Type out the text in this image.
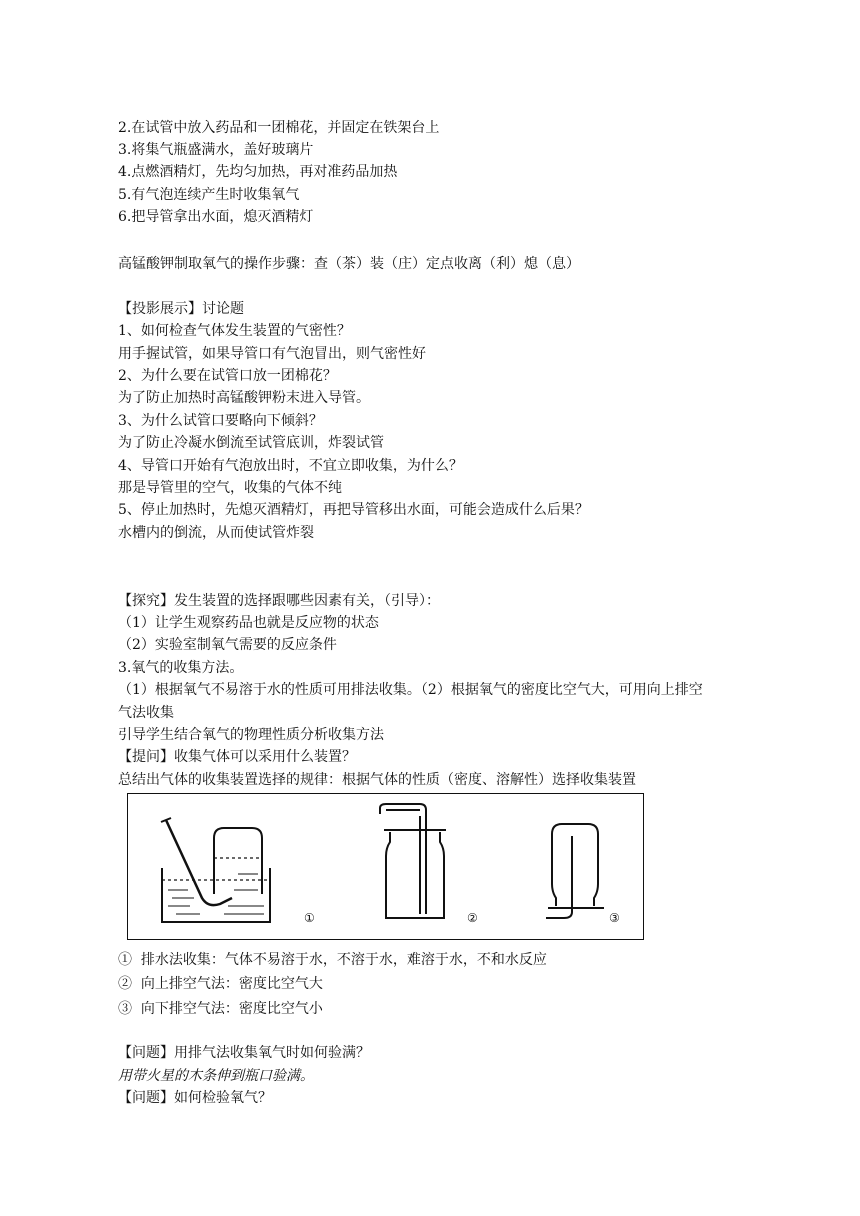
2.在试管中放入药品和一团棉花，并固定在铁架台上
3.将集气瓶盛满水，盖好玻璃片
4.点燃酒精灯，先均匀加热，再对准药品加热
5.有气泡连续产生时收集氧气
6.把导管拿出水面，熄灭酒精灯
高锰酸钾制取氧气的操作步骤：查（茶）装（庄）定点收离（利）熄（息）
【投影展示】讨论题
1、如何检查气体发生装置的气密性？
用手握试管，如果导管口有气泡冒出，则气密性好
2、为什么要在试管口放一团棉花？
为了防止加热时高锰酸钾粉末进入导管。
3、为什么试管口要略向下倾斜？
为了防止冷凝水倒流至试管底训，炸裂试管
4、导管口开始有气泡放出时，不宜立即收集，为什么？
那是导管里的空气，收集的气体不纯
5、停止加热时，先熄灭酒精灯，再把导管移出水面，可能会造成什么后果？
水槽内的倒流，从而使试管炸裂
【探究】发生装置的选择跟哪些因素有关，（引导）：
（1）让学生观察药品也就是反应物的状态
（2）实验室制氧气需要的反应条件
3.氧气的收集方法。
（1）根据氧气不易溶于水的性质可用排法收集。（2）根据氧气的密度比空气大，可用向上排空
气法收集
引导学生结合氧气的物理性质分析收集方法
【提问】收集气体可以采用什么装置？
总结出气体的收集装置选择的规律：根据气体的性质（密度、溶解性）选择收集装置
①	②	③
①  排水法收集：气体不易溶于水，不溶于水，难溶于水，不和水反应
②  向上排空气法：密度比空气大
③  向下排空气法：密度比空气小
【问题】用排气法收集氧气时如何验满？
用带火星的木条伸到瓶口验满。
【问题】如何检验氧气？
